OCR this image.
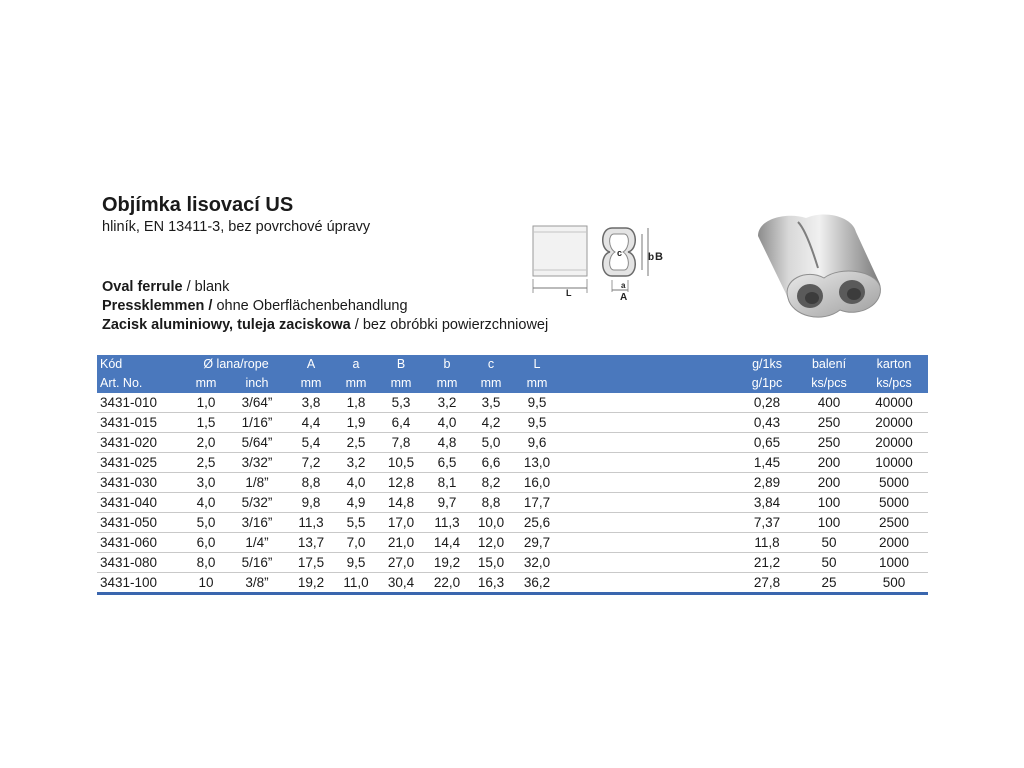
Objímka lisovací US
hliník, EN 13411-3, bez povrchové úpravy
Oval ferrule / blank
Pressklemmen / ohne Oberflächenbehandlung
Zacisk aluminiowy, tuleja zaciskowa / bez obróbki powierzchniowej
L
c	b B
a
A
Kód	Ø lana/rope		A	a	B	b	c	L		g/1ks	balení	karton
Art. No.	mm	inch	mm	mm	mm	mm	mm	mm		g/1pc	ks/pcs	ks/pcs
3431-010	1,0	3/64”	3,8	1,8	5,3	3,2	3,5	9,5		0,28	400	40000
3431-015	1,5	1/16”	4,4	1,9	6,4	4,0	4,2	9,5		0,43	250	20000
3431-020	2,0	5/64”	5,4	2,5	7,8	4,8	5,0	9,6		0,65	250	20000
3431-025	2,5	3/32”	7,2	3,2	10,5	6,5	6,6	13,0		1,45	200	10000
3431-030	3,0	1/8”	8,8	4,0	12,8	8,1	8,2	16,0		2,89	200	5000
3431-040	4,0	5/32”	9,8	4,9	14,8	9,7	8,8	17,7		3,84	100	5000
3431-050	5,0	3/16”	11,3	5,5	17,0	11,3	10,0	25,6		7,37	100	2500
3431-060	6,0	1/4”	13,7	7,0	21,0	14,4	12,0	29,7		11,8	50	2000
3431-080	8,0	5/16”	17,5	9,5	27,0	19,2	15,0	32,0		21,2	50	1000
3431-100	10	3/8”	19,2	11,0	30,4	22,0	16,3	36,2		27,8	25	500
